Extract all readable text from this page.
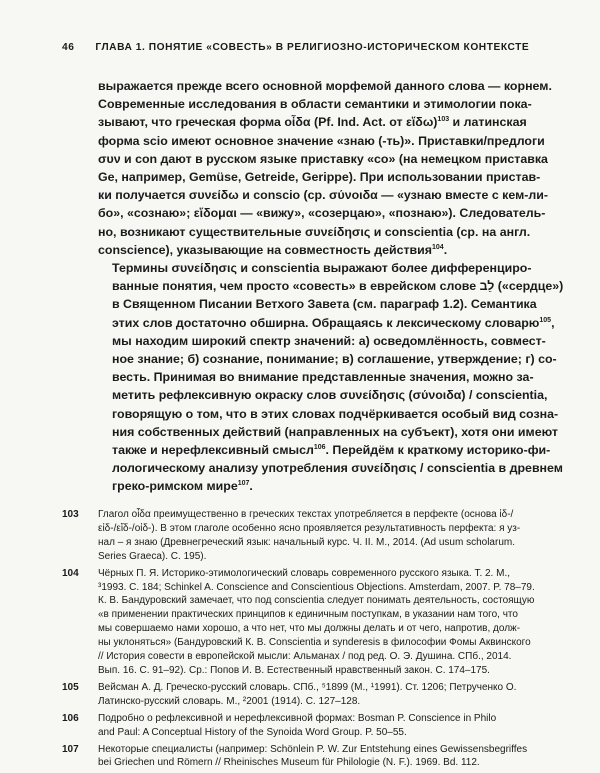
46 ГЛАВА 1. ПОНЯТИЕ «СОВЕСТЬ» В РЕЛИГИОЗНО-ИСТОРИЧЕСКОМ КОНТЕКСТЕ

выражается прежде всего основной морфемой данного слова — корнем.
Современные исследования в области семантики и этимологии пока-
зывают, что греческая форма οἶδα (Pf. Ind. Act. от εἴδω)$^{103}$ и латинская
форма scio имеют основное значение «знаю (-ть)». Приставки/предлоги
συν и con дают в русском языке приставку «со» (на немецком приставка
Ge, например, Gemüse, Getreide, Gerippe). При использовании пристав-
ки получается συνείδω и conscio (ср. σύνοιδα — «узнаю вместе с кем-ли-
бо», «сознаю»; εἴδομαι — «вижу», «созерцаю», «познаю»). Следователь-
но, возникают существительные συνείδησις и conscientia (ср. на англ.
conscience), указывающие на совместность действия$^{104}$.

Термины συνείδησις и conscientia выражают более дифференциро-
ванные понятия, чем просто «совесть» в еврейском слове לֵב («сердце»)
в Священном Писании Ветхого Завета (см. параграф 1.2). Семантика
этих слов достаточно обширна. Обращаясь к лексическому словарю$^{105}$,
мы находим широкий спектр значений: а) осведомлённость, совмест-
ное знание; б) сознание, понимание; в) соглашение, утверждение; г) со-
весть. Принимая во внимание представленные значения, можно за-
метить рефлексивную окраску слов συνείδησις (σύνοιδα) / conscientia,
говорящую о том, что в этих словах подчёркивается особый вид созна-
ния собственных действий (направленных на субъект), хотя они имеют
также и нерефлексивный смысл$^{106}$. Перейдём к краткому историко-фи-
лологическому анализу употребления συνείδησις / conscientia в древнем
греко-римском мире$^{107}$.

103	Глагол οἶδα преимущественно в греческих текстах употребляется в перфекте (основа ἰδ-/
εἰδ-/εἴδ-/οἰδ-). В этом глаголе особенно ясно проявляется результативность перфекта: я уз-
нал – я знаю (Древнегреческий язык: начальный курс. Ч. II. М., 2014. (Ad usum scholarum.
Series Graeca). С. 195).
104	Чёрных П. Я. Историко-этимологический словарь современного русского языка. Т. 2. М.,
³1993. С. 184; Schinkel A. Conscience and Conscientious Objections. Amsterdam, 2007. P. 78–79.
К. В. Бандуровский замечает, что под conscientia следует понимать деятельность, состоящую
«в применении практических принципов к единичным поступкам, в указании нам того, что
мы совершаемо нами хорошо, а что нет, что мы должны делать и от чего, напротив, долж-
ны уклоняться» (Бандуровский К. В. Conscientia и synderesis в философии Фомы Аквинского
// История совести в европейской мысли: Альманах / под ред. О. Э. Душина. СПб., 2014.
Вып. 16. С. 91–92). Ср.: Попов И. В. Естественный нравственный закон. С. 174–175.
105	Вейсман А. Д. Греческо-русский словарь. СПб., ⁵1899 (М., ¹1991). Ст. 1206; Петрученко О.
Латинско-русский словарь. М., ²2001 (1914). С. 127–128.
106	Подробно о рефлексивной и нерефлексивной формах: Bosman P. Conscience in Philo
and Paul: A Conceptual History of the Synoida Word Group. P. 50–55.
107	Некоторые специалисты (например: Schönlein P. W. Zur Entstehung eines Gewissensbegriffes
bei Griechen und Römern // Rheinisches Museum für Philologie (N. F.). 1969. Bd. 112.
